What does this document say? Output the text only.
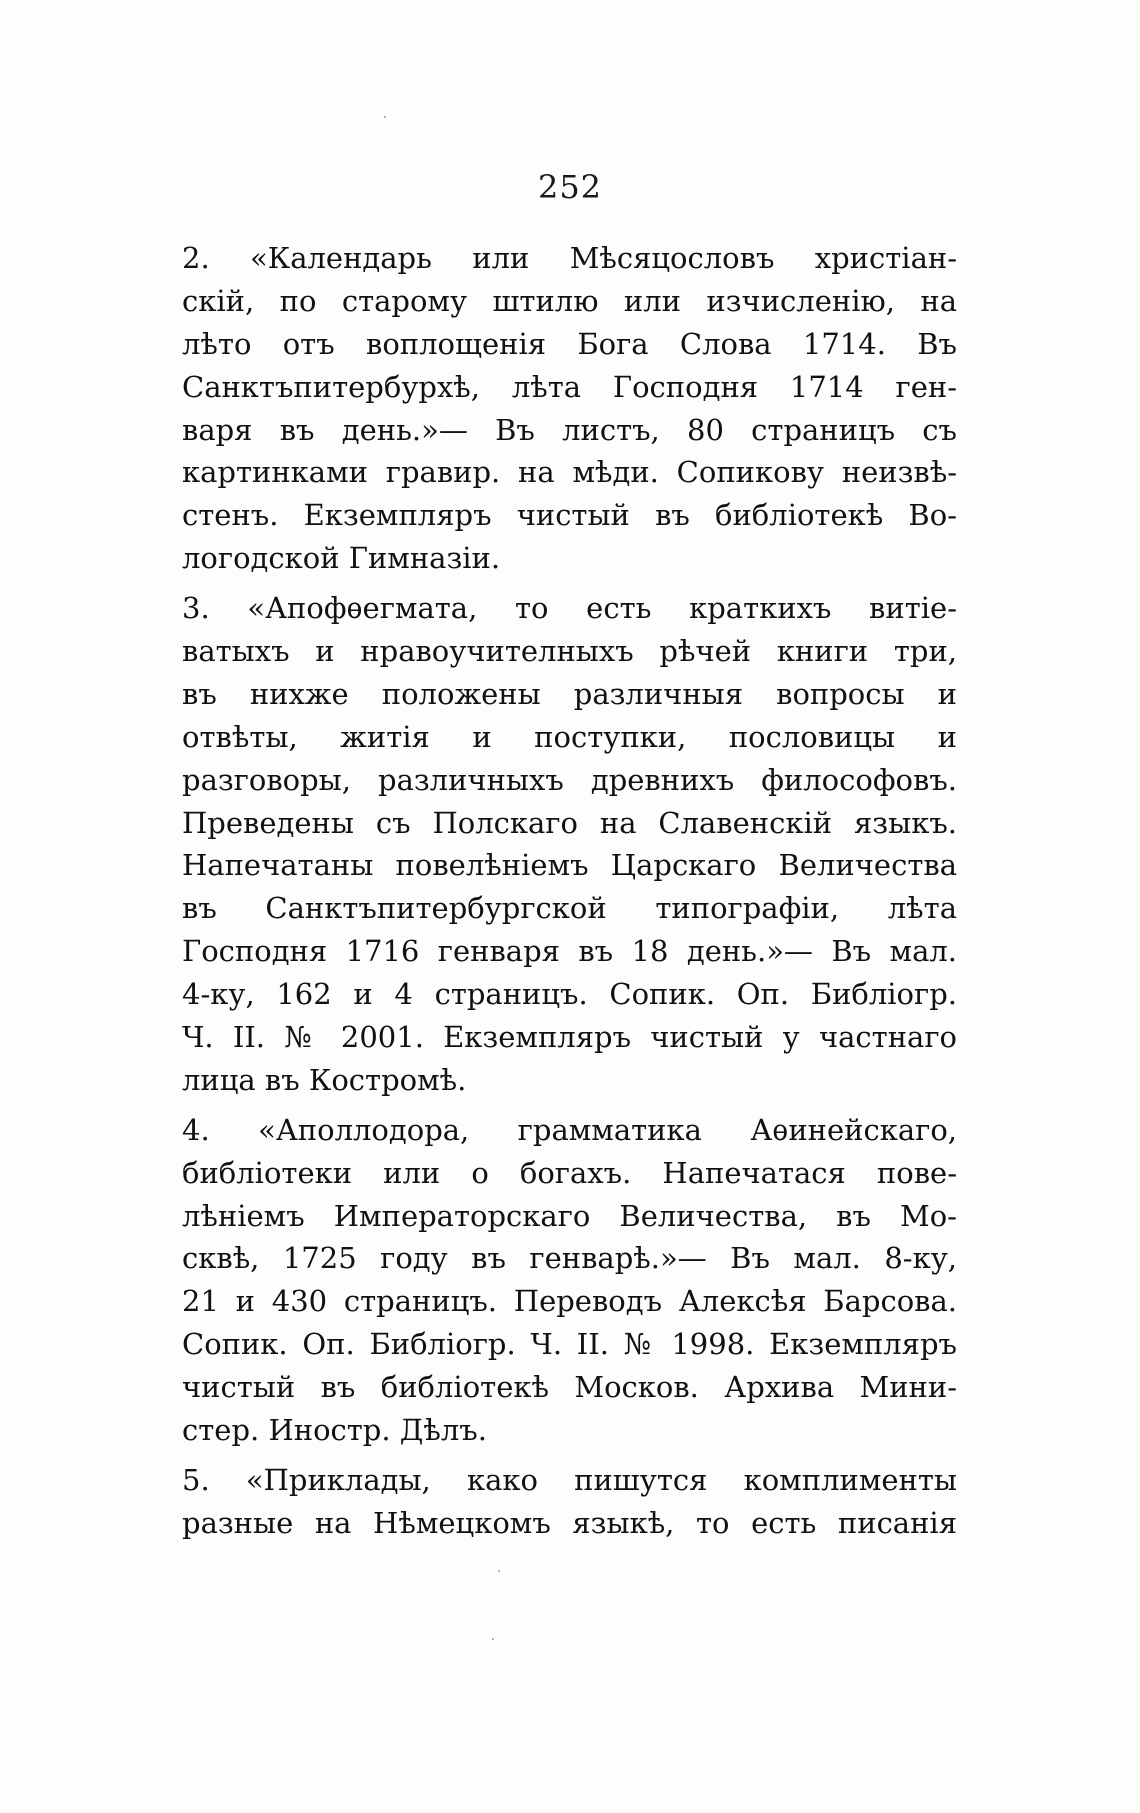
252
2. «Календарь или Мѣсяцословъ христiан-
скiй, по старому штилю или изчисленiю, на
лѣто отъ воплощенiя Бога Слова 1714. Въ
Санктъпитербурхѣ, лѣта Господня 1714 ген-
варя въ день.»— Въ листъ, 80 страницъ съ
картинками гравир. на мѣди. Сопикову неизвѣ-
стенъ. Екземпляръ чистый въ библiотекѣ Во-
логодской Гимназiи.
3. «Апофѳегмата, то есть краткихъ витiе-
ватыхъ и нравоучителныхъ рѣчей книги три,
въ нихже положены различныя вопросы и
отвѣты, житiя и поступки, пословицы и
разговоры, различныхъ древнихъ философовъ.
Преведены съ Полскаго на Славенскiй языкъ.
Напечатаны повелѣнiемъ Царскаго Величества
въ Санктъпитербургской типографiи, лѣта
Господня 1716 генваря въ 18 день.»— Въ мал.
4-ку, 162 и 4 страницъ. Сопик. Оп. Библiогр.
Ч. II. № 2001. Екземпляръ чистый у частнаго
лица въ Костромѣ.
4. «Аполлодора, грамматика Аѳинейскаго,
библiотеки или о богахъ. Напечатася пове-
лѣнiемъ Императорскаго Величества, въ Мо-
сквѣ, 1725 году въ генварѣ.»— Въ мал. 8-ку,
21 и 430 страницъ. Переводъ Алексѣя Барсова.
Сопик. Оп. Библiогр. Ч. II. № 1998. Екземпляръ
чистый въ библiотекѣ Москов. Архива Мини-
стер. Иностр. Дѣлъ.
5. «Приклады, како пишутся комплименты
разные на Нѣмецкомъ языкѣ, то есть писанiя
